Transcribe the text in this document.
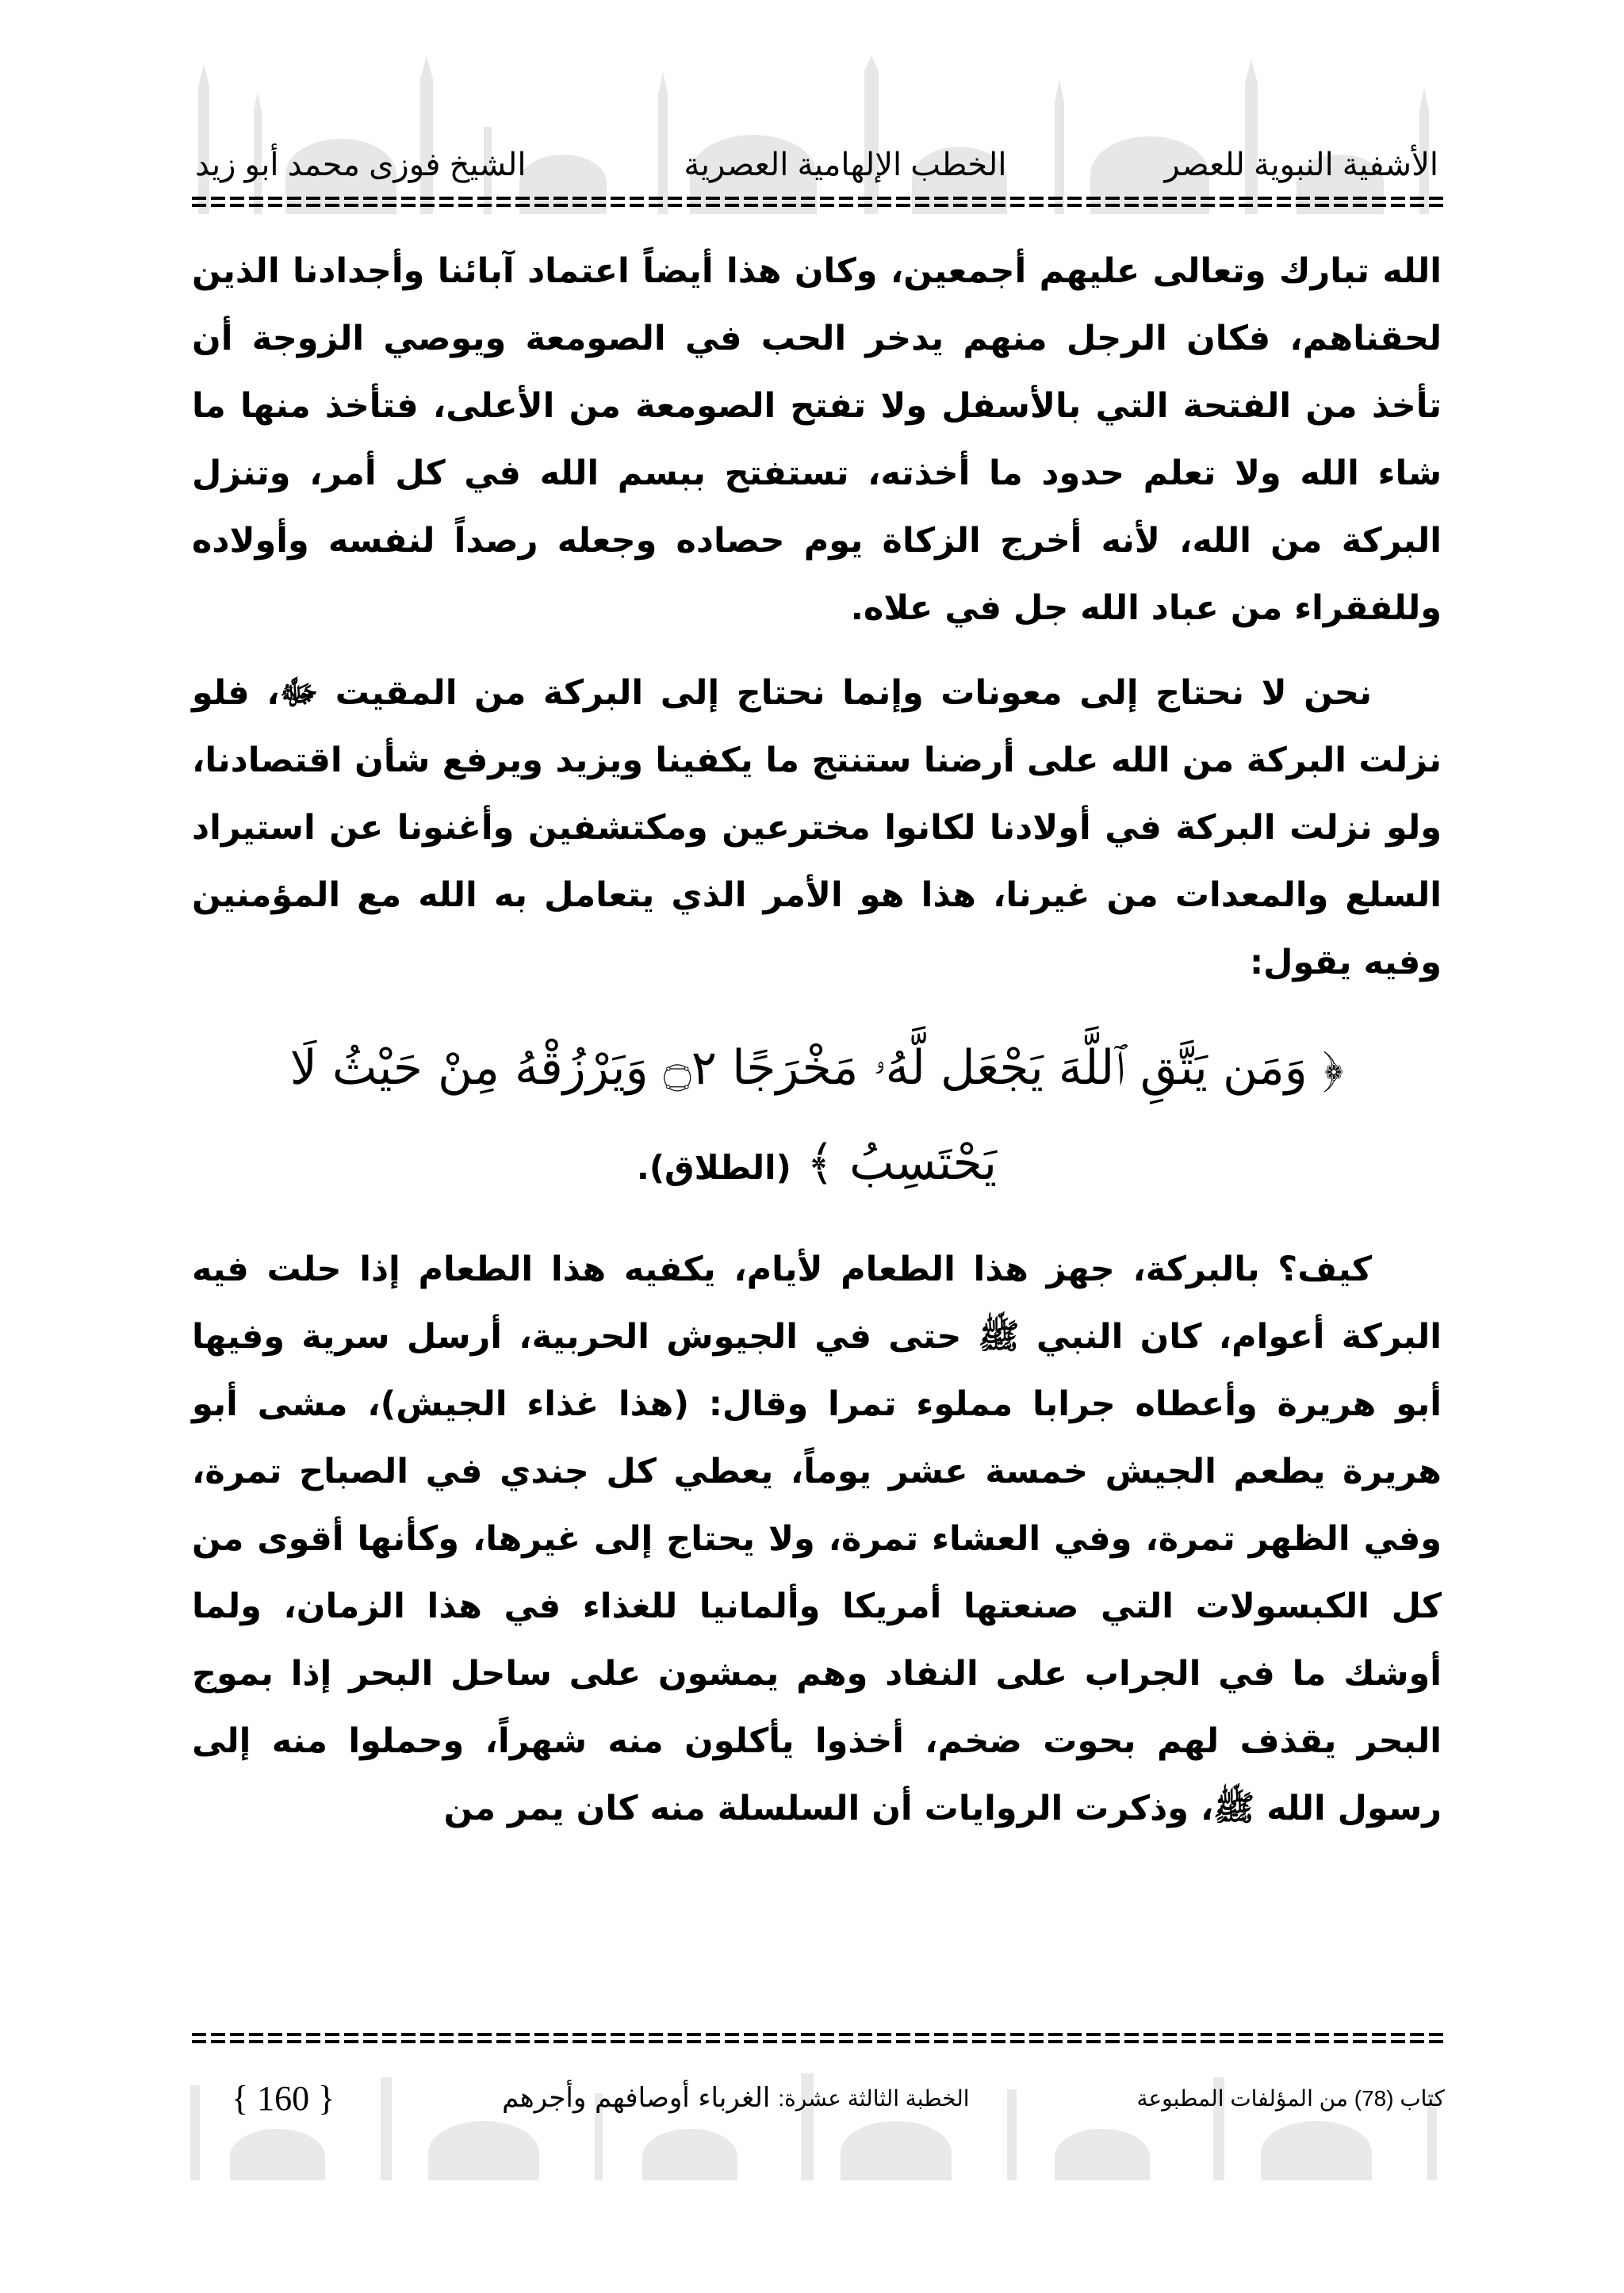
الأشفية النبوية للعصر
الخطب الإلهامية العصرية
الشيخ فوزى محمد أبو زيد

الله تبارك وتعالى عليهم أجمعين، وكان هذا أيضاً اعتماد آبائنا وأجدادنا الذين لحقناهم، فكان الرجل منهم يدخر الحب في الصومعة ويوصي الزوجة أن تأخذ من الفتحة التي بالأسفل ولا تفتح الصومعة من الأعلى، فتأخذ منها ما شاء الله ولا تعلم حدود ما أخذته، تستفتح ببسم الله في كل أمر، وتنزل البركة من الله، لأنه أخرج الزكاة يوم حصاده وجعله رصداً لنفسه وأولاده وللفقراء من عباد الله جل في علاه.

نحن لا نحتاج إلى معونات وإنما نحتاج إلى البركة من المقيت ﷻ، فلو نزلت البركة من الله على أرضنا ستنتج ما يكفينا ويزيد ويرفع شأن اقتصادنا، ولو نزلت البركة في أولادنا لكانوا مخترعين ومكتشفين وأغنونا عن استيراد السلع والمعدات من غيرنا، هذا هو الأمر الذي يتعامل به الله مع المؤمنين وفيه يقول:

﴿ وَمَن يَتَّقِ ٱللَّهَ يَجْعَل لَّهُۥ مَخْرَجًا ۝٢ وَيَرْزُقْهُ مِنْ حَيْثُ لَا يَحْتَسِبُ ﴾ (الطلاق).

كيف؟ بالبركة، جهز هذا الطعام لأيام، يكفيه هذا الطعام إذا حلت فيه البركة أعوام، كان النبي ﷺ حتى في الجيوش الحربية، أرسل سرية وفيها أبو هريرة وأعطاه جرابا مملوء تمرا وقال: (هذا غذاء الجيش)، مشى أبو هريرة يطعم الجيش خمسة عشر يوماً، يعطي كل جندي في الصباح تمرة، وفي الظهر تمرة، وفي العشاء تمرة، ولا يحتاج إلى غيرها، وكأنها أقوى من كل الكبسولات التي صنعتها أمريكا وألمانيا للغذاء في هذا الزمان، ولما أوشك ما في الجراب على النفاد وهم يمشون على ساحل البحر إذا بموج البحر يقذف لهم بحوت ضخم، أخذوا يأكلون منه شهراً، وحملوا منه إلى رسول الله ﷺ، وذكرت الروايات أن السلسلة منه كان يمر من

كتاب (78) من المؤلفات المطبوعة
الخطبة الثالثة عشرة:
الغرباء أوصافهم وأجرهم
{ 160 }
